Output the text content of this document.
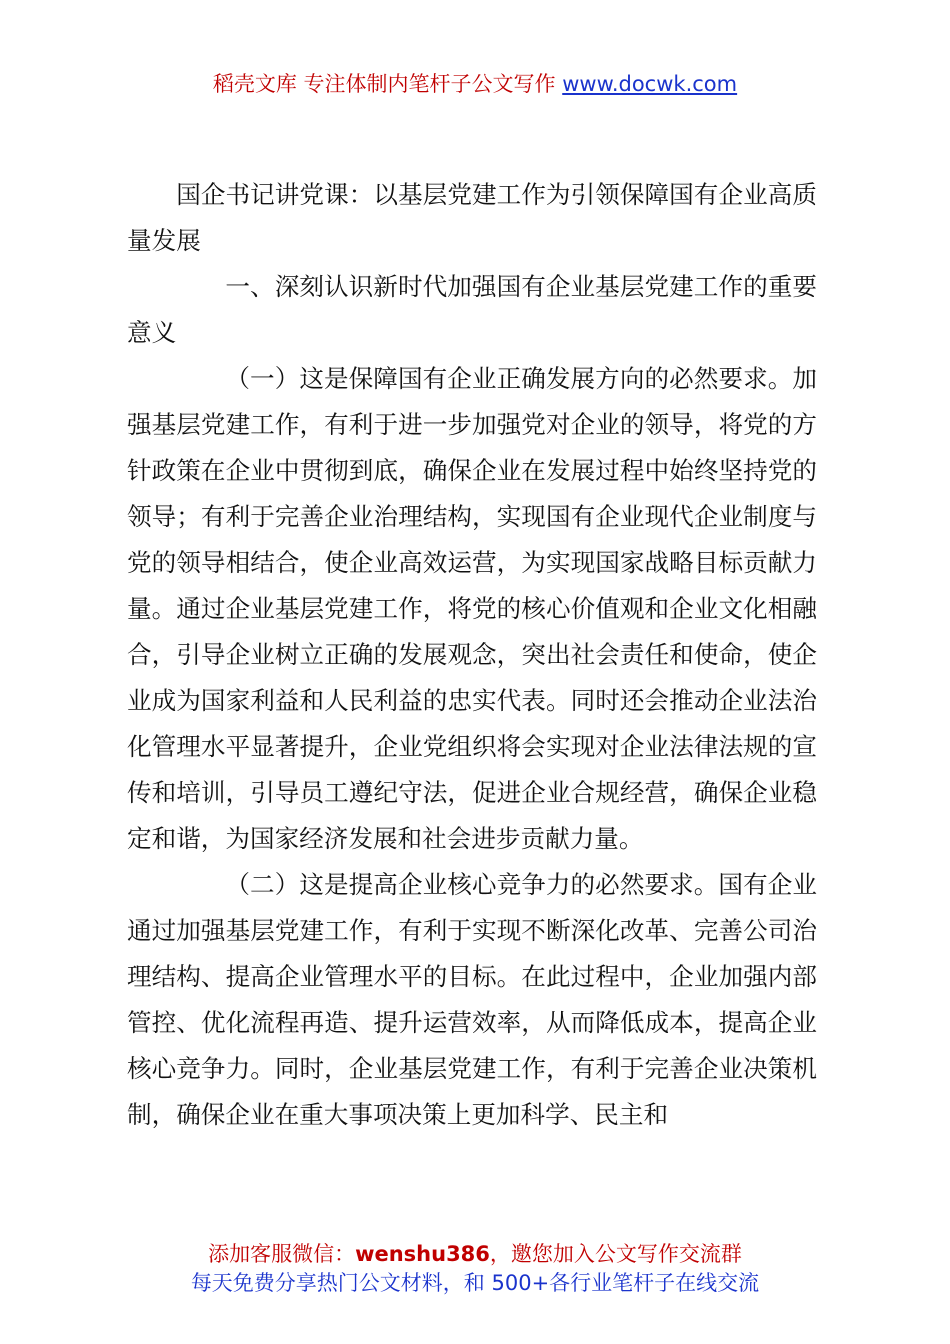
稻壳文库 专注体制内笔杆子公文写作 www.docwk.com

国企书记讲党课：以基层党建工作为引领保障国有企业高质量发展

一、深刻认识新时代加强国有企业基层党建工作的重要意义

（一）这是保障国有企业正确发展方向的必然要求。加强基层党建工作，有利于进一步加强党对企业的领导，将党的方针政策在企业中贯彻到底，确保企业在发展过程中始终坚持党的领导；有利于完善企业治理结构，实现国有企业现代企业制度与党的领导相结合，使企业高效运营，为实现国家战略目标贡献力量。通过企业基层党建工作，将党的核心价值观和企业文化相融合，引导企业树立正确的发展观念，突出社会责任和使命，使企业成为国家利益和人民利益的忠实代表。同时还会推动企业法治化管理水平显著提升，企业党组织将会实现对企业法律法规的宣传和培训，引导员工遵纪守法，促进企业合规经营，确保企业稳定和谐，为国家经济发展和社会进步贡献力量。

（二）这是提高企业核心竞争力的必然要求。国有企业通过加强基层党建工作，有利于实现不断深化改革、完善公司治理结构、提高企业管理水平的目标。在此过程中，企业加强内部管控、优化流程再造、提升运营效率，从而降低成本，提高企业核心竞争力。同时，企业基层党建工作，有利于完善企业决策机制，确保企业在重大事项决策上更加科学、民主和

添加客服微信：wenshu386，邀您加入公文写作交流群
每天免费分享热门公文材料，和 500+各行业笔杆子在线交流
